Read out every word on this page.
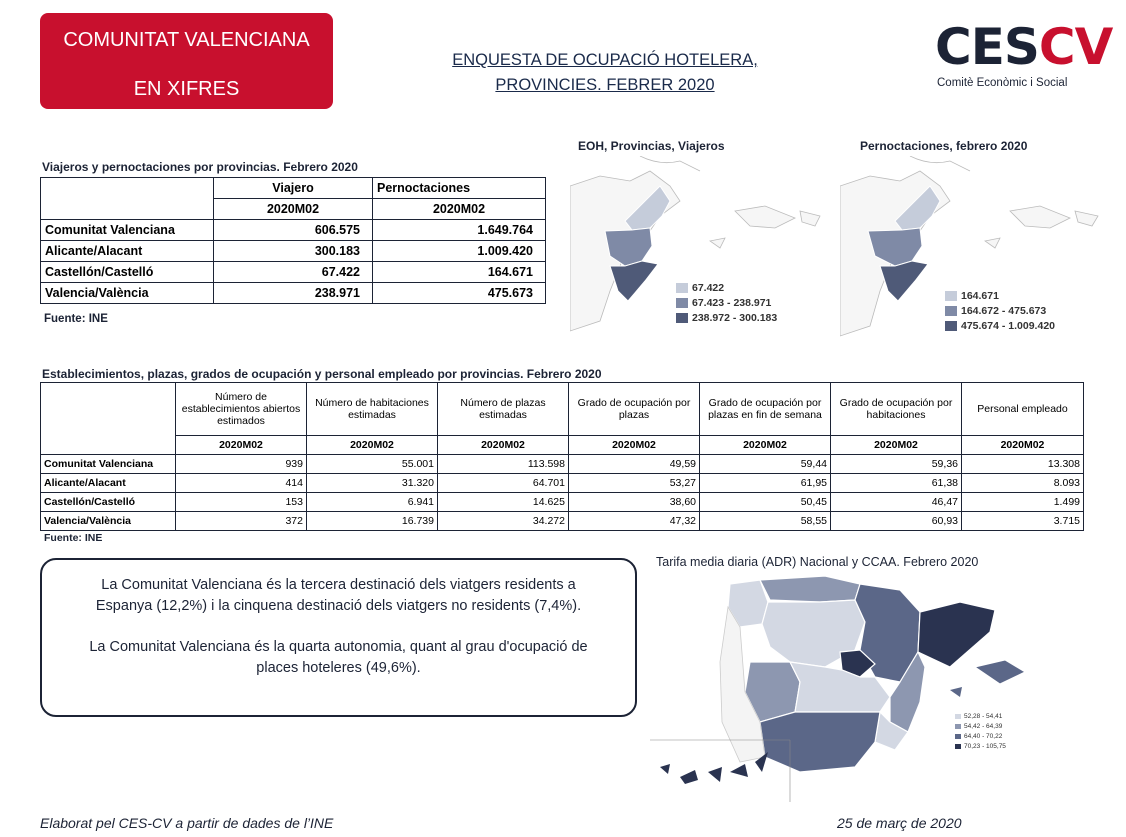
COMUNITAT VALENCIANA
EN XIFRES
ENQUESTA DE OCUPACIÓ HOTELERA,
PROVINCIES. FEBRER 2020
CESCV
Comitè Econòmic i Social
Viajeros y pernoctaciones por provincias. Febrero 2020
	Viajero	Pernoctaciones
	2020M02	2020M02
Comunitat Valenciana	606.575	1.649.764
Alicante/Alacant	300.183	1.009.420
Castellón/Castelló	67.422	164.671
Valencia/València	238.971	475.673
Fuente: INE
EOH, Provincias, Viajeros
67.422
67.423 - 238.971
238.972 - 300.183
Pernoctaciones, febrero 2020
164.671
164.672 - 475.673
475.674 - 1.009.420
Establecimientos, plazas, grados de ocupación y personal empleado por provincias. Febrero 2020
	Número de establecimientos abiertos estimados	Número de habitaciones estimadas	Número de plazas estimadas	Grado de ocupación por plazas	Grado de ocupación por plazas en fin de semana	Grado de ocupación por habitaciones	Personal empleado
	2020M02	2020M02	2020M02	2020M02	2020M02	2020M02	2020M02
Comunitat Valenciana	939	55.001	113.598	49,59	59,44	59,36	13.308
Alicante/Alacant	414	31.320	64.701	53,27	61,95	61,38	8.093
Castellón/Castelló	153	6.941	14.625	38,60	50,45	46,47	1.499
Valencia/València	372	16.739	34.272	47,32	58,55	60,93	3.715
Fuente: INE

La Comunitat Valenciana és la tercera destinació dels viatgers residents a Espanya (12,2%) i la cinquena destinació dels viatgers no residents (7,4%).

La Comunitat Valenciana és la quarta autonomia, quant al grau d'ocupació de places hoteleres (49,6%).

Tarifa media diaria (ADR) Nacional y CCAA. Febrero 2020
52,28 - 54,41
54,42 - 64,39
64,40 - 70,22
70,23 - 105,75
Elaborat pel CES-CV a partir de dades de l’INE	25 de març de 2020
